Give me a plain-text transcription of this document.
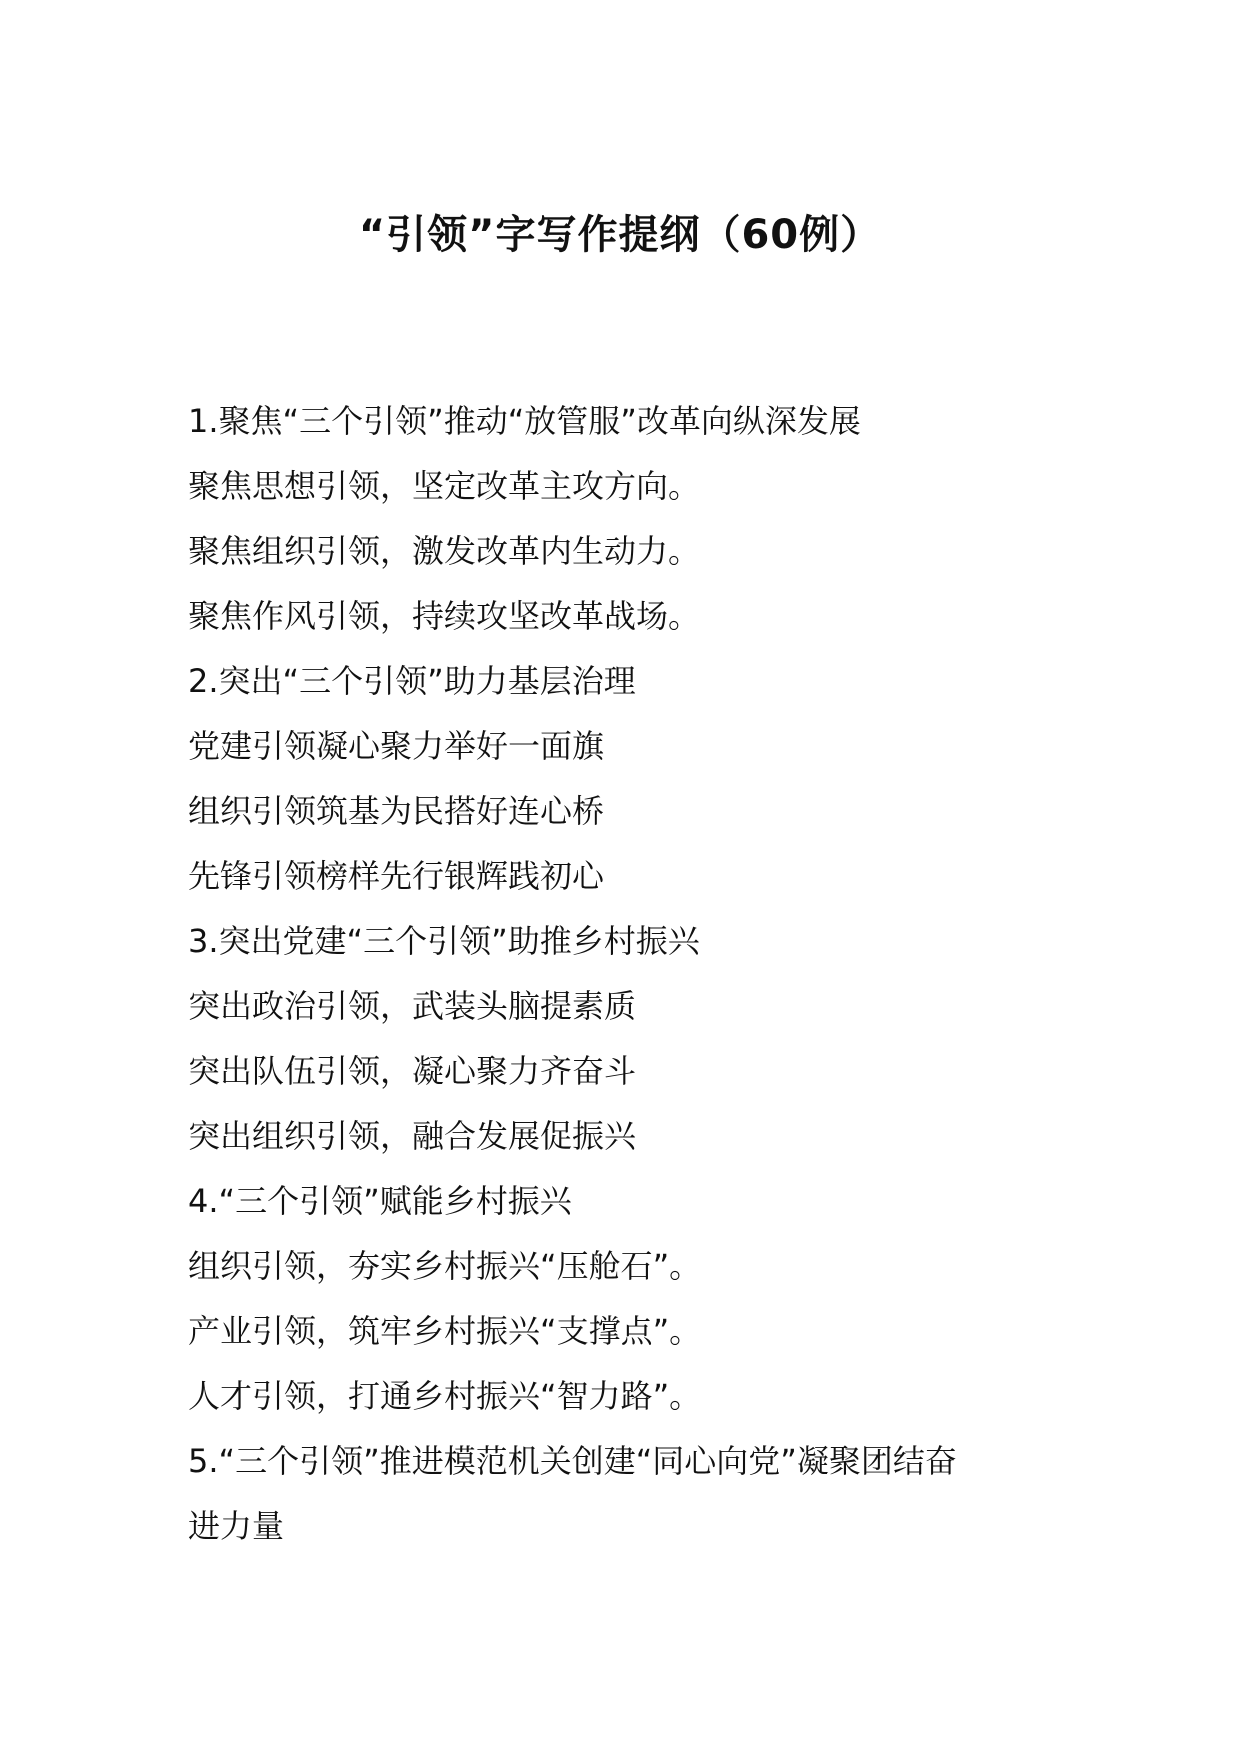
“引领”字写作提纲（60例）
1.聚焦“三个引领”推动“放管服”改革向纵深发展
聚焦思想引领，坚定改革主攻方向。
聚焦组织引领，激发改革内生动力。
聚焦作风引领，持续攻坚改革战场。
2.突出“三个引领”助力基层治理
党建引领凝心聚力举好一面旗
组织引领筑基为民搭好连心桥
先锋引领榜样先行银辉践初心
3.突出党建“三个引领”助推乡村振兴
突出政治引领，武装头脑提素质
突出队伍引领，凝心聚力齐奋斗
突出组织引领，融合发展促振兴
4.“三个引领”赋能乡村振兴
组织引领，夯实乡村振兴“压舱石”。
产业引领，筑牢乡村振兴“支撑点”。
人才引领，打通乡村振兴“智力路”。
5.“三个引领”推进模范机关创建“同心向党”凝聚团结奋
进力量
